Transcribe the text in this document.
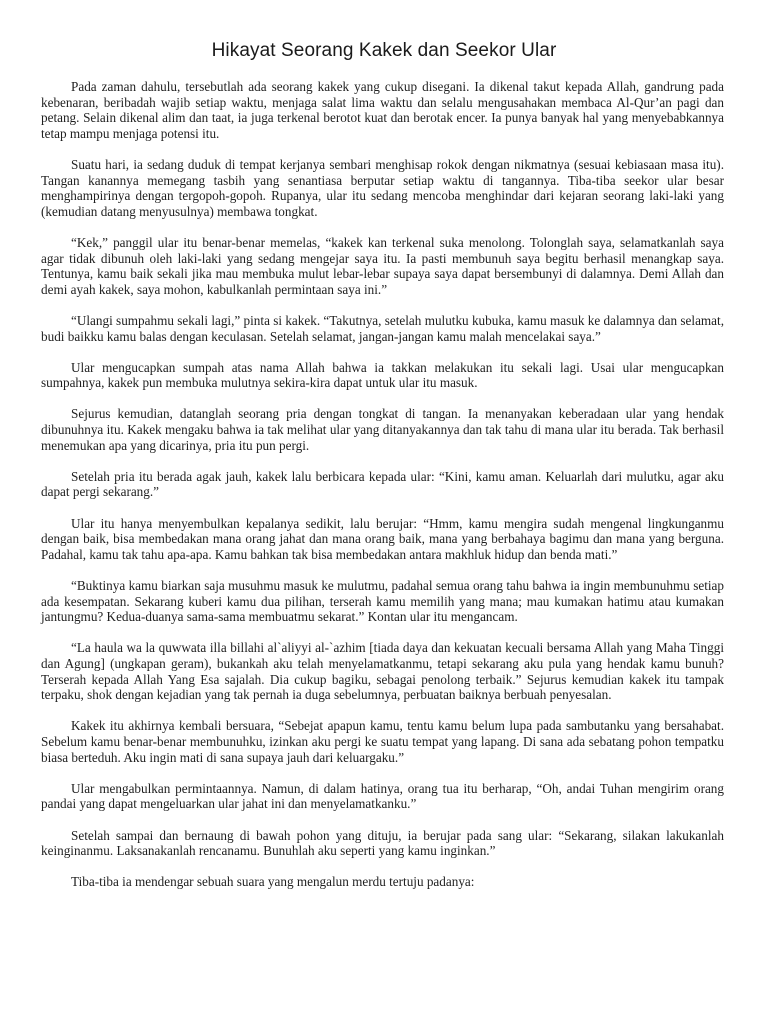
Hikayat Seorang Kakek dan Seekor Ular

Pada zaman dahulu, tersebutlah ada seorang kakek yang cukup disegani. Ia dikenal takut kepada Allah, gandrung pada kebenaran, beribadah wajib setiap waktu, menjaga salat lima waktu dan selalu mengusahakan membaca Al-Qur’an pagi dan petang. Selain dikenal alim dan taat, ia juga terkenal berotot kuat dan berotak encer. Ia punya banyak hal yang menyebabkannya tetap mampu menjaga potensi itu.

Suatu hari, ia sedang duduk di tempat kerjanya sembari menghisap rokok dengan nikmatnya (sesuai kebiasaan masa itu). Tangan kanannya memegang tasbih yang senantiasa berputar setiap waktu di tangannya. Tiba-tiba seekor ular besar menghampirinya dengan tergopoh-gopoh. Rupanya, ular itu sedang mencoba menghindar dari kejaran seorang laki-laki yang (kemudian datang menyusulnya) membawa tongkat.

“Kek,” panggil ular itu benar-benar memelas, “kakek kan terkenal suka menolong. Tolonglah saya, selamatkanlah saya agar tidak dibunuh oleh laki-laki yang sedang mengejar saya itu. Ia pasti membunuh saya begitu berhasil menangkap saya. Tentunya, kamu baik sekali jika mau membuka mulut lebar-lebar supaya saya dapat bersembunyi di dalamnya. Demi Allah dan demi ayah kakek, saya mohon, kabulkanlah permintaan saya ini.”

“Ulangi sumpahmu sekali lagi,” pinta si kakek. “Takutnya, setelah mulutku kubuka, kamu masuk ke dalamnya dan selamat, budi baikku kamu balas dengan keculasan. Setelah selamat, jangan-jangan kamu malah mencelakai saya.”

Ular mengucapkan sumpah atas nama Allah bahwa ia takkan melakukan itu sekali lagi. Usai ular mengucapkan sumpahnya, kakek pun membuka mulutnya sekira-kira dapat untuk ular itu masuk.

Sejurus kemudian, datanglah seorang pria dengan tongkat di tangan. Ia menanyakan keberadaan ular yang hendak dibunuhnya itu. Kakek mengaku bahwa ia tak melihat ular yang ditanyakannya dan tak tahu di mana ular itu berada. Tak berhasil menemukan apa yang dicarinya, pria itu pun pergi.

Setelah pria itu berada agak jauh, kakek lalu berbicara kepada ular: “Kini, kamu aman. Keluarlah dari mulutku, agar aku dapat pergi sekarang.”

Ular itu hanya menyembulkan kepalanya sedikit, lalu berujar: “Hmm, kamu mengira sudah mengenal lingkunganmu dengan baik, bisa membedakan mana orang jahat dan mana orang baik, mana yang berbahaya bagimu dan mana yang berguna. Padahal, kamu tak tahu apa-apa. Kamu bahkan tak bisa membedakan antara makhluk hidup dan benda mati.”

“Buktinya kamu biarkan saja musuhmu masuk ke mulutmu, padahal semua orang tahu bahwa ia ingin membunuhmu setiap ada kesempatan. Sekarang kuberi kamu dua pilihan, terserah kamu memilih yang mana; mau kumakan hatimu atau kumakan jantungmu? Kedua-duanya sama-sama membuatmu sekarat.” Kontan ular itu mengancam.

“La haula wa la quwwata illa billahi al`aliyyi al-`azhim [tiada daya dan kekuatan kecuali bersama Allah yang Maha Tinggi dan Agung] (ungkapan geram), bukankah aku telah menyelamatkanmu, tetapi sekarang aku pula yang hendak kamu bunuh? Terserah kepada Allah Yang Esa sajalah. Dia cukup bagiku, sebagai penolong terbaik.” Sejurus kemudian kakek itu tampak terpaku, shok dengan kejadian yang tak pernah ia duga sebelumnya, perbuatan baiknya berbuah penyesalan.

Kakek itu akhirnya kembali bersuara, “Sebejat apapun kamu, tentu kamu belum lupa pada sambutanku yang bersahabat. Sebelum kamu benar-benar membunuhku, izinkan aku pergi ke suatu tempat yang lapang. Di sana ada sebatang pohon tempatku biasa berteduh. Aku ingin mati di sana supaya jauh dari keluargaku.”

Ular mengabulkan permintaannya. Namun, di dalam hatinya, orang tua itu berharap, “Oh, andai Tuhan mengirim orang pandai yang dapat mengeluarkan ular jahat ini dan menyelamatkanku.”

Setelah sampai dan bernaung di bawah pohon yang dituju, ia berujar pada sang ular: “Sekarang, silakan lakukanlah keinginanmu. Laksanakanlah rencanamu. Bunuhlah aku seperti yang kamu inginkan.”

Tiba-tiba ia mendengar sebuah suara yang mengalun merdu tertuju padanya:
